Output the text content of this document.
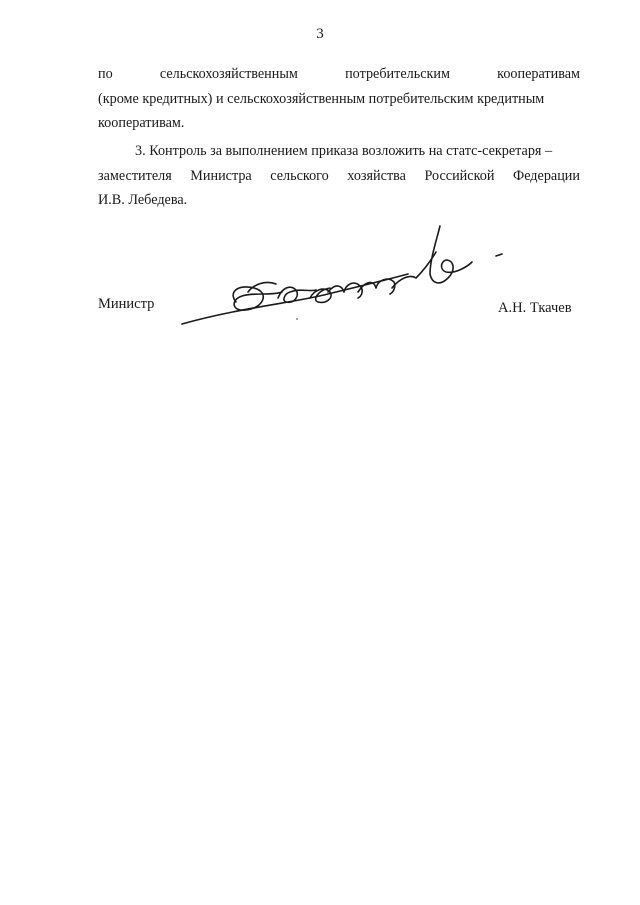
3
по	сельскохозяйственным	потребительским	кооперативам
(кроме кредитных) и сельскохозяйственным потребительским кредитным
кооперативам.
3. Контроль за выполнением приказа возложить на статс-секретаря –
заместителя Министра сельского хозяйства Российской Федерации
И.В. Лебедева.
Министр	А.Н. Ткачев
